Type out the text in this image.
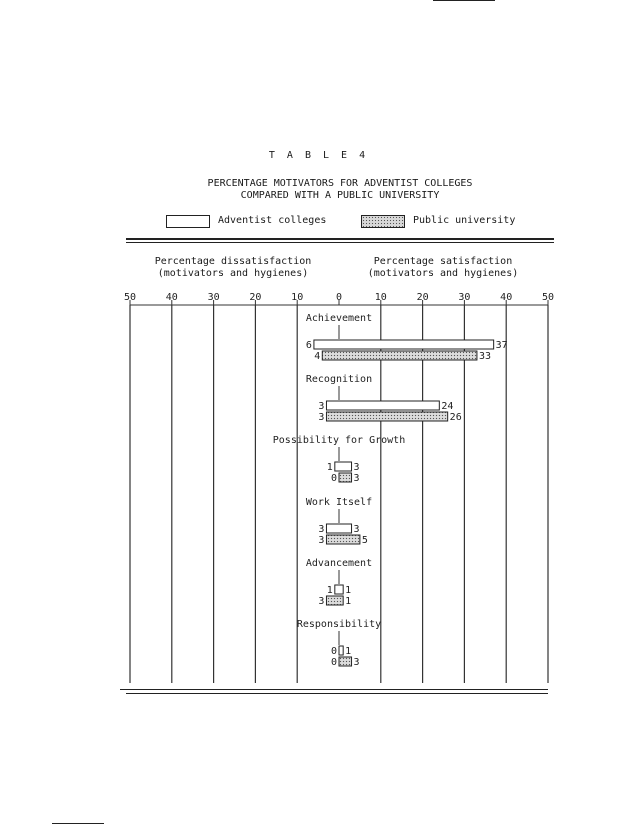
T A B L E 4
PERCENTAGE MOTIVATORS FOR ADVENTIST COLLEGES
COMPARED WITH A PUBLIC UNIVERSITY
Adventist colleges	Public university
Percentage dissatisfaction
(motivators and hygienes)
Percentage satisfaction
(motivators and hygienes)
50	40	30	20	10	0	10	20	30	40	50
Achievement
6	37
4	33
Recognition
3	24
3	26
Possibility for Growth
1 3
0 3
Work Itself
3	3
3	5
Advancement
1 1
3 1
Responsibility
0 1
0 3
